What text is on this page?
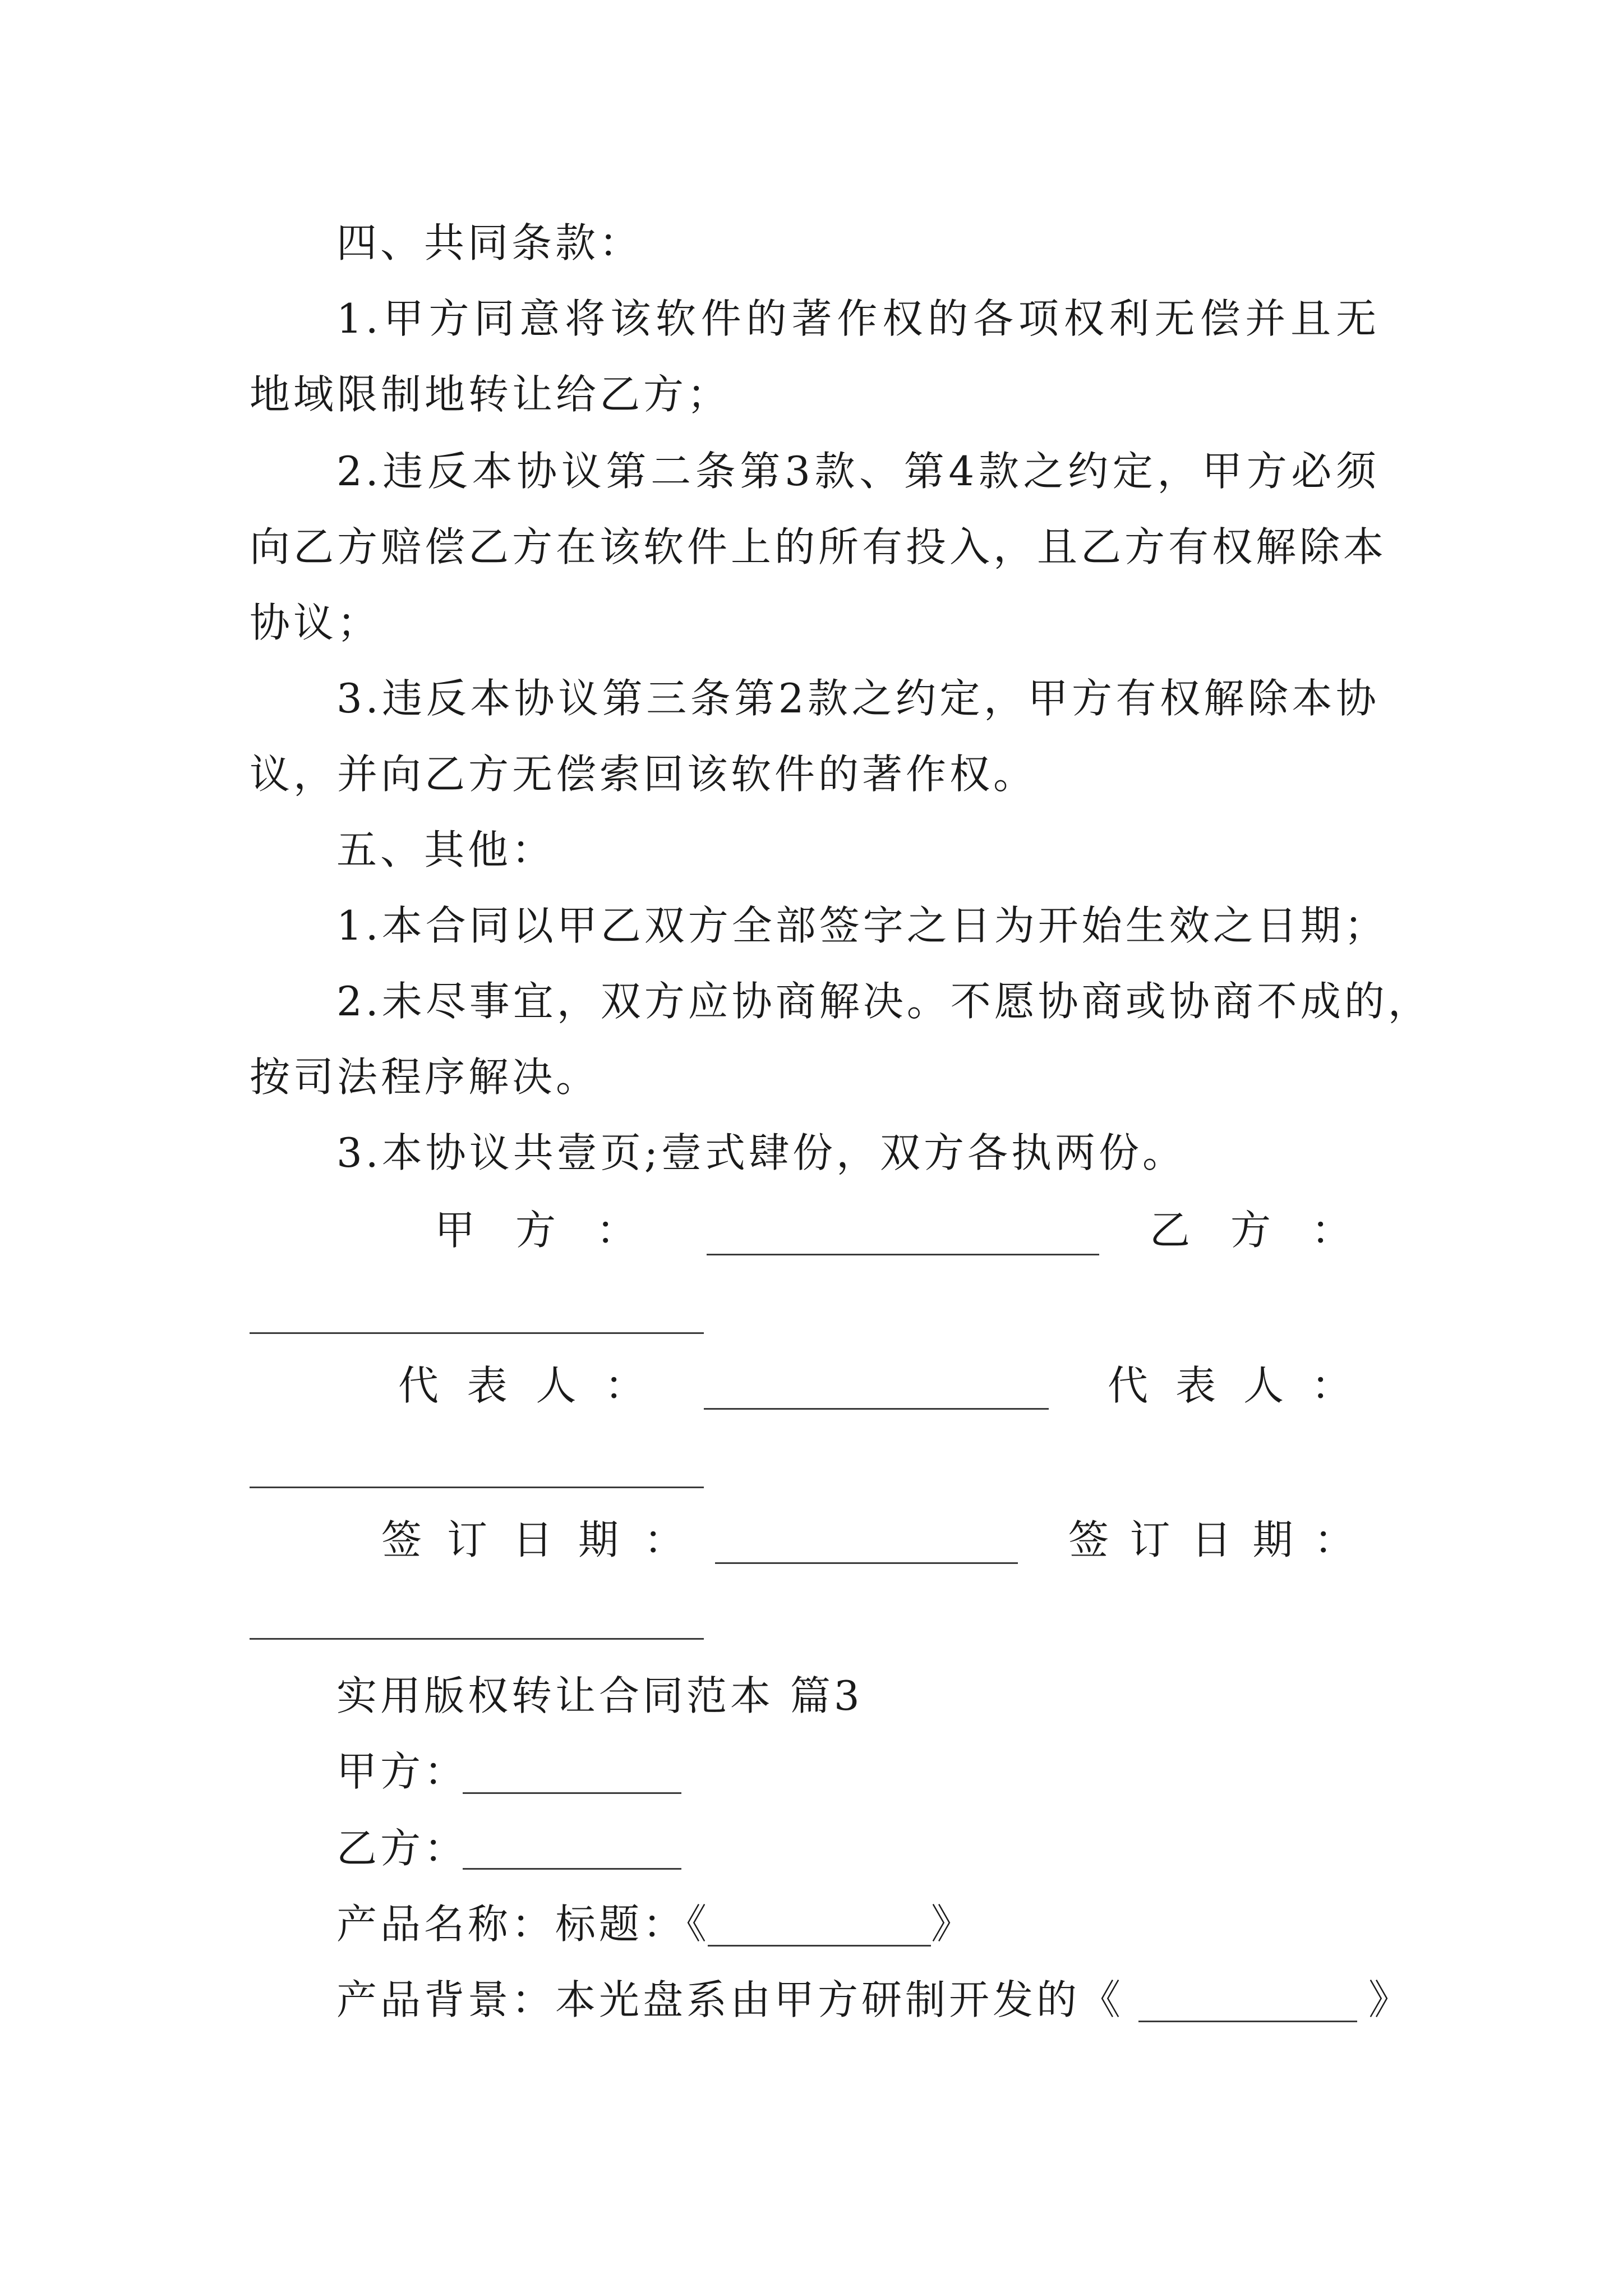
四、共同条款：
1.甲方同意将该软件的著作权的各项权利无偿并且无
地域限制地转让给乙方；
2.违反本协议第二条第3款、第4款之约定，甲方必须
向乙方赔偿乙方在该软件上的所有投入，且乙方有权解除本
协议；
3.违反本协议第三条第2款之约定，甲方有权解除本协
议，并向乙方无偿索回该软件的著作权。
五、其他：
1.本合同以甲乙双方全部签字之日为开始生效之日期；
2.未尽事宜，双方应协商解决。不愿协商或协商不成的，
按司法程序解决。
3.本协议共壹页;壹式肆份，双方各执两份。
甲方：	乙方：
代表人：	代表人：
签订日期：	签订日期：
实用版权转让合同范本 篇3
甲方：
乙方：
产品名称：标题：《	》
产品背景：本光盘系由甲方研制开发的《	》
